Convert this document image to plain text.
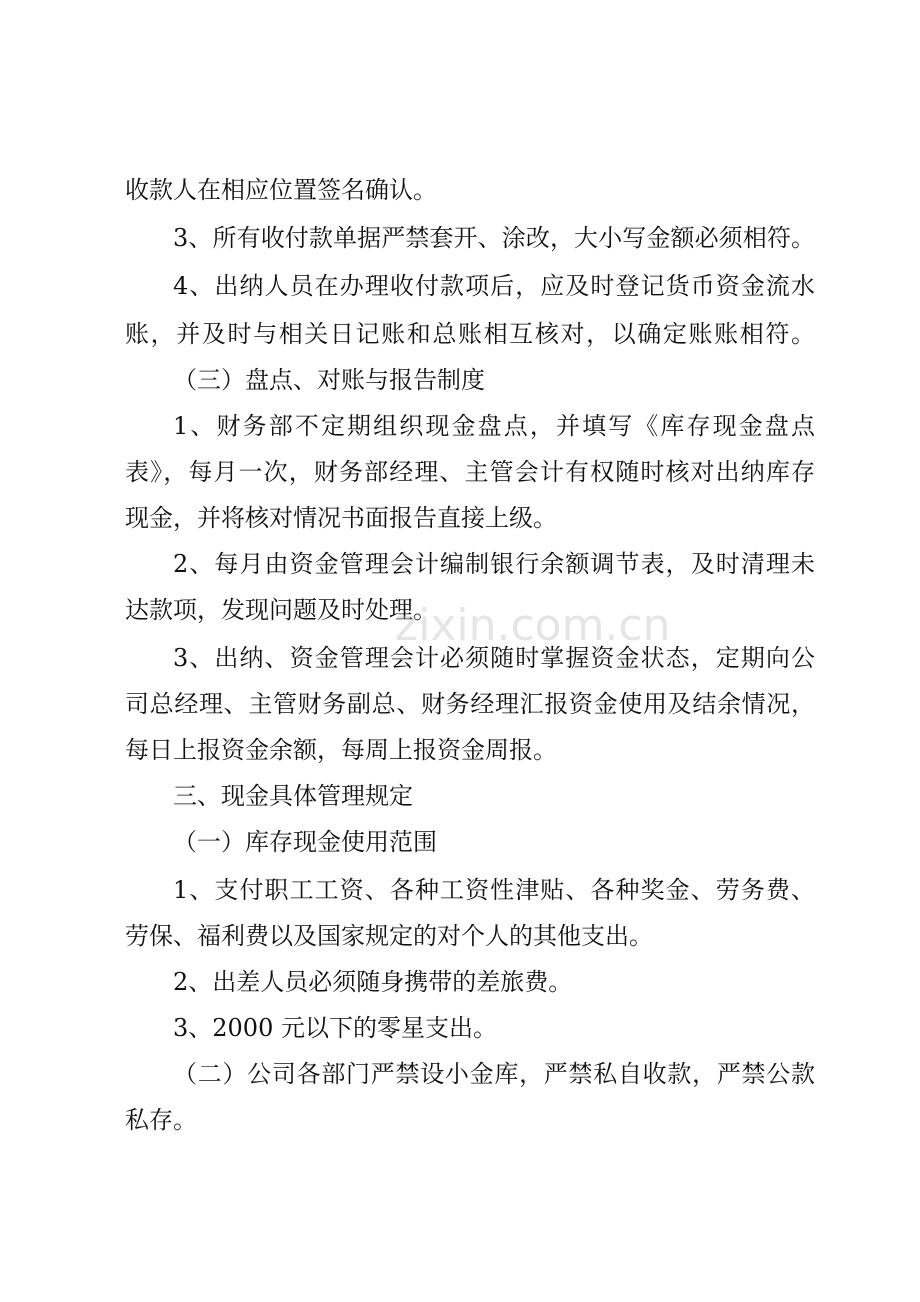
收款人在相应位置签名确认。
3、所有收付款单据严禁套开、涂改，大小写金额必须相符。
4、出纳人员在办理收付款项后，应及时登记货币资金流水
账，并及时与相关日记账和总账相互核对，以确定账账相符。
（三）盘点、对账与报告制度
1、财务部不定期组织现金盘点，并填写《库存现金盘点
表》，每月一次，财务部经理、主管会计有权随时核对出纳库存
现金，并将核对情况书面报告直接上级。
2、每月由资金管理会计编制银行余额调节表，及时清理未
达款项，发现问题及时处理。
3、出纳、资金管理会计必须随时掌握资金状态，定期向公
司总经理、主管财务副总、财务经理汇报资金使用及结余情况，
每日上报资金余额，每周上报资金周报。
三、现金具体管理规定
（一）库存现金使用范围
1、支付职工工资、各种工资性津贴、各种奖金、劳务费、
劳保、福利费以及国家规定的对个人的其他支出。
2、出差人员必须随身携带的差旅费。
3、2000 元以下的零星支出。
（二）公司各部门严禁设小金库，严禁私自收款，严禁公款
私存。
zixin.com.cn
